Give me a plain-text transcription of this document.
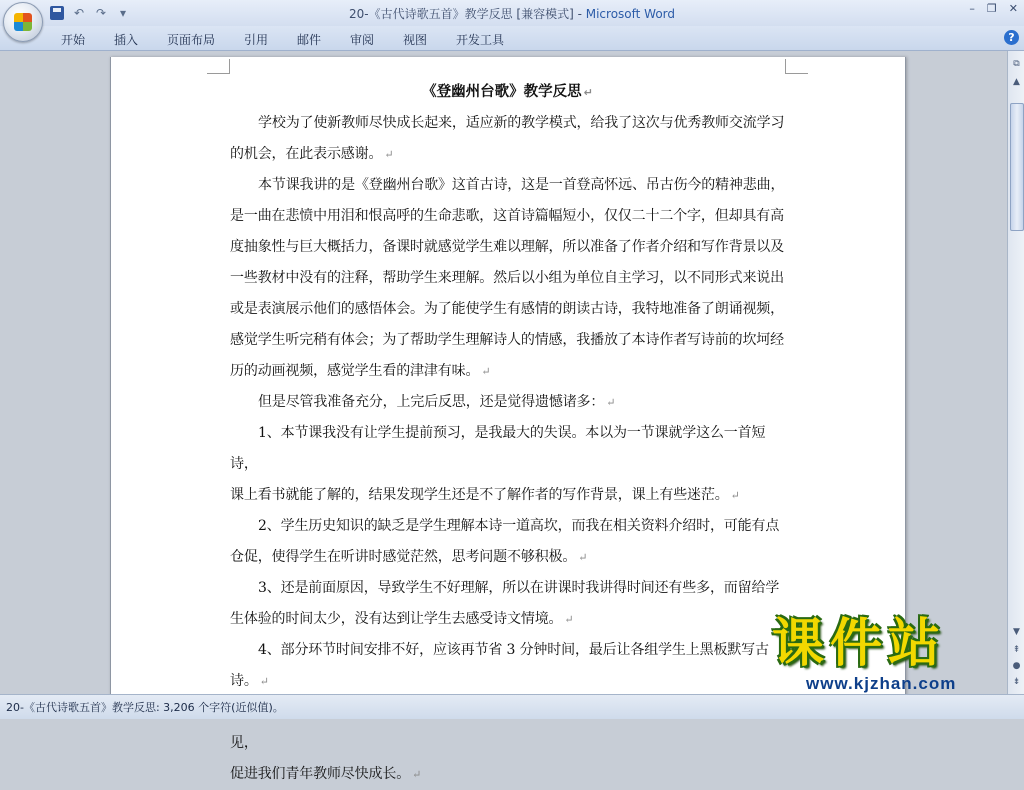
↶ ↷	▾	20-《古代诗歌五首》教学反思 [兼容模式] - Microsoft Word	– ❐ ✕
开始 插入 页面布局 引用 邮件 审阅 视图 开发工具	?
《登幽州台歌》教学反思 ↵

学校为了使新教师尽快成长起来，适应新的教学模式，给我了这次与优秀教师交流学习
的机会，在此表示感谢。 ↵

本节课我讲的是《登幽州台歌》这首古诗，这是一首登高怀远、吊古伤今的精神悲曲，
是一曲在悲愤中用泪和恨高呼的生命悲歌，这首诗篇幅短小，仅仅二十二个字，但却具有高
度抽象性与巨大概括力，备课时就感觉学生难以理解，所以准备了作者介绍和写作背景以及
一些教材中没有的注释，帮助学生来理解。然后以小组为单位自主学习，以不同形式来说出
或是表演展示他们的感悟体会。为了能使学生有感情的朗读古诗，我特地准备了朗诵视频，
感觉学生听完稍有体会；为了帮助学生理解诗人的情感，我播放了本诗作者写诗前的坎坷经
历的动画视频，感觉学生看的津津有味。 ↵

但是尽管我准备充分，上完后反思，还是觉得遗憾诸多： ↵

1、本节课我没有让学生提前预习，是我最大的失误。本以为一节课就学这么一首短诗，
课上看书就能了解的，结果发现学生还是不了解作者的写作背景，课上有些迷茫。 ↵

2、学生历史知识的缺乏是学生理解本诗一道高坎，而我在相关资料介绍时，可能有点
仓促，使得学生在听讲时感觉茫然，思考问题不够积极。 ↵

3、还是前面原因，导致学生不好理解，所以在讲课时我讲得时间还有些多，而留给学
生体验的时间太少，没有达到让学生去感受诗文情境。 ↵

4、部分环节时间安排不好，应该再节省 3 分钟时间，最后让各组学生上黑板默写古诗。 ↵

见，
促进我们青年教师尽快成长。 ↵

⧉
▲
▼
⇞
●
⇟
20-《古代诗歌五首》教学反思: 3,206 个字符(近似值)。
课件站
www.kjzhan.com
